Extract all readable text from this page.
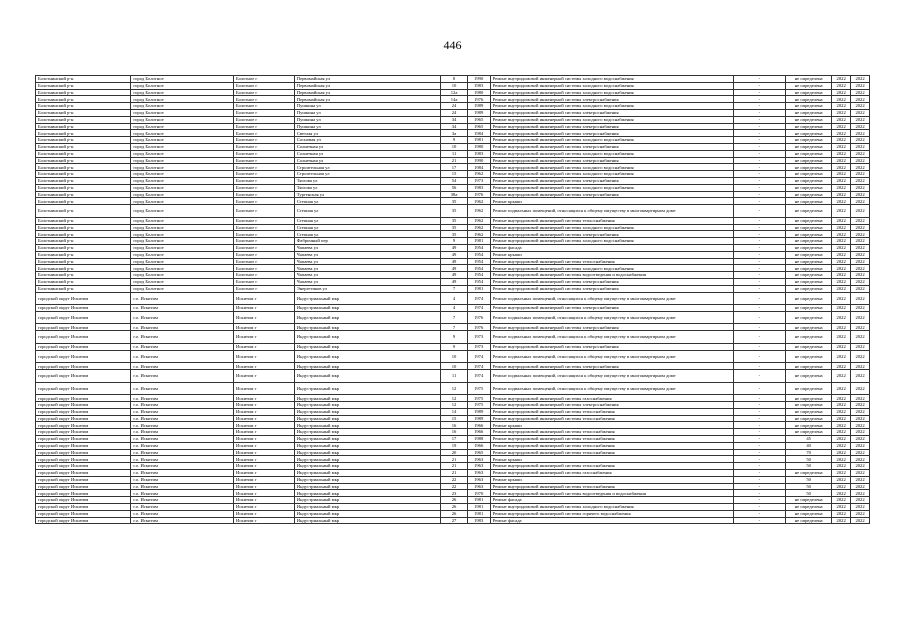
446
Болотнинский р-н	город Болотное	Болотное г	Первомайская ул	8	1990	Ремонт внутридомовой инженерной системы холодного водоснабжения	-	не определена	2022	2022
Болотнинский р-н	город Болотное	Болотное г	Первомайская ул	10	1983	Ремонт внутридомовой инженерной системы холодного водоснабжения	-	не определена	2022	2022
Болотнинский р-н	город Болотное	Болотное г	Первомайская ул	12а	1980	Ремонт внутридомовой инженерной системы холодного водоснабжения	-	не определена	2022	2022
Болотнинский р-н	город Болотное	Болотное г	Первомайская ул	14а	1976	Ремонт внутридомовой инженерной системы электроснабжения	-	не определена	2022	2022
Болотнинский р-н	город Болотное	Болотное г	Пушкина ул	24	1989	Ремонт внутридомовой инженерной системы холодного водоснабжения	-	не определена	2022	2022
Болотнинский р-н	город Болотное	Болотное г	Пушкина ул	24	1989	Ремонт внутридомовой инженерной системы электроснабжения	-	не определена	2022	2022
Болотнинский р-н	город Болотное	Болотное г	Пушкина ул	34	1965	Ремонт внутридомовой инженерной системы холодного водоснабжения	-	не определена	2022	2022
Болотнинский р-н	город Болотное	Болотное г	Пушкина ул	34	1965	Ремонт внутридомовой инженерной системы электроснабжения	-	не определена	2022	2022
Болотнинский р-н	город Болотное	Болотное г	Светлая ул	3а	1984	Ремонт внутридомовой инженерной системы электроснабжения	-	не определена	2022	2022
Болотнинский р-н	город Болотное	Болотное г	Сосновая ул	9	1981	Ремонт внутридомовой инженерной системы холодного водоснабжения	-	не определена	2022	2022
Болотнинский р-н	город Болотное	Болотное г	Солнечная ул	10	1980	Ремонт внутридомовой инженерной системы электроснабжения	-	не определена	2022	2022
Болотнинский р-н	город Болотное	Болотное г	Солнечная ул	11	1983	Ремонт внутридомовой инженерной системы холодного водоснабжения	-	не определена	2022	2022
Болотнинский р-н	город Болотное	Болотное г	Солнечная ул	21	1990	Ремонт внутридомовой инженерной системы электроснабжения	-	не определена	2022	2022
Болотнинский р-н	город Болотное	Болотное г	Строительная ул	17	1984	Ремонт внутридомовой инженерной системы холодного водоснабжения	-	не определена	2022	2022
Болотнинский р-н	город Болотное	Болотное г	Строительная ул	15	1962	Ремонт внутридомовой инженерной системы холодного водоснабжения	-	не определена	2022	2022
Болотнинский р-н	город Болотное	Болотное г	Тяглова ул	54	1973	Ремонт внутридомовой инженерной системы электроснабжения	-	не определена	2022	2022
Болотнинский р-н	город Болотное	Болотное г	Тяглова ул	56	1983	Ремонт внутридомовой инженерной системы холодного водоснабжения	-	не определена	2022	2022
Болотнинский р-н	город Болотное	Болотное г	Тургенская ул	38а	1976	Ремонт внутридомовой инженерной системы электроснабжения	-	не определена	2022	2022
Болотнинский р-н	город Болотное	Болотное г	Степная ул	35	1962	Ремонт крыши	-	не определена	2022	2022
Болотнинский р-н	город Болотное	Болотное г	Степная ул	35	1962	Ремонт подвальных помещений, относящихся к общему имуществу в многоквартирном доме	-	не определена	2022	2022
Болотнинский р-н	город Болотное	Болотное г	Степная ул	35	1962	Ремонт внутридомовой инженерной системы теплоснабжения	-	не определена	2022	2022
Болотнинский р-н	город Болотное	Болотное г	Степная ул	35	1962	Ремонт внутридомовой инженерной системы холодного водоснабжения	-	не определена	2022	2022
Болотнинский р-н	город Болотное	Болотное г	Степная ул	35	1962	Ремонт внутридомовой инженерной системы электроснабжения	-	не определена	2022	2022
Болотнинский р-н	город Болотное	Болотное г	Фабричный пер	9	1981	Ремонт внутридомовой инженерной системы холодного водоснабжения	-	не определена	2022	2022
Болотнинский р-н	город Болотное	Болотное г	Чапаева ул	49	1954	Ремонт фасада	-	не определена	2022	2022
Болотнинский р-н	город Болотное	Болотное г	Чапаева ул	49	1954	Ремонт крыши	-	не определена	2022	2022
Болотнинский р-н	город Болотное	Болотное г	Чапаева ул	49	1954	Ремонт внутридомовой инженерной системы теплоснабжения	-	не определена	2022	2022
Болотнинский р-н	город Болотное	Болотное г	Чапаева ул	49	1954	Ремонт внутридомовой инженерной системы холодного водоснабжения	-	не определена	2022	2022
Болотнинский р-н	город Болотное	Болотное г	Чапаева ул	49	1954	Ремонт внутридомовой инженерной системы водоотведения и водоснабжения	-	не определена	2022	2022
Болотнинский р-н	город Болотное	Болотное г	Чапаева ул	49	1954	Ремонт внутридомовой инженерной системы электроснабжения	-	не определена	2022	2022
Болотнинский р-н	город Болотное	Болотное г	Энергетиков ул	7	1981	Ремонт внутридомовой инженерной системы электроснабжения	-	не определена	2022	2022
городской округ Искитим	г.о. Искитим	Искитим г	Индустриальный мкр	4	1974	Ремонт подвальных помещений, относящихся к общему имуществу в многоквартирном доме	-	не определена	2022	2022
городской округ Искитим	г.о. Искитим	Искитим г	Индустриальный мкр	4	1974	Ремонт внутридомовой инженерной системы электроснабжения	-	не определена	2022	2022
городской округ Искитим	г.о. Искитим	Искитим г	Индустриальный мкр	7	1976	Ремонт подвальных помещений, относящихся к общему имуществу в многоквартирном доме	-	не определена	2022	2022
городской округ Искитим	г.о. Искитим	Искитим г	Индустриальный мкр	7	1976	Ремонт внутридомовой инженерной системы электроснабжения	-	не определена	2022	2022
городской округ Искитим	г.о. Искитим	Искитим г	Индустриальный мкр	9	1973	Ремонт подвальных помещений, относящихся к общему имуществу в многоквартирном доме	-	не определена	2022	2022
городской округ Искитим	г.о. Искитим	Искитим г	Индустриальный мкр	9	1973	Ремонт внутридомовой инженерной системы электроснабжения	-	не определена	2022	2022
городской округ Искитим	г.о. Искитим	Искитим г	Индустриальный мкр	10	1974	Ремонт подвальных помещений, относящихся к общему имуществу в многоквартирном доме	-	не определена	2022	2022
городской округ Искитим	г.о. Искитим	Искитим г	Индустриальный мкр	10	1974	Ремонт внутридомовой инженерной системы электроснабжения	-	не определена	2022	2022
городской округ Искитим	г.о. Искитим	Искитим г	Индустриальный мкр	11	1974	Ремонт подвальных помещений, относящихся к общему имуществу в многоквартирном доме	-	не определена	2022	2022
городской округ Искитим	г.о. Искитим	Искитим г	Индустриальный мкр	12	1975	Ремонт подвальных помещений, относящихся к общему имуществу в многоквартирном доме	-	не определена	2022	2022
городской округ Искитим	г.о. Искитим	Искитим г	Индустриальный мкр	12	1975	Ремонт внутридомовой инженерной системы газоснабжения	-	не определена	2022	2022
городской округ Искитим	г.о. Искитим	Искитим г	Индустриальный мкр	12	1975	Ремонт внутридомовой инженерной системы электроснабжения	-	не определена	2022	2022
городской округ Искитим	г.о. Искитим	Искитим г	Индустриальный мкр	14	1989	Ремонт внутридомовой инженерной системы теплоснабжения	-	не определена	2022	2022
городской округ Искитим	г.о. Искитим	Искитим г	Индустриальный мкр	15	1989	Ремонт внутридомовой инженерной системы теплоснабжения	-	не определена	2022	2022
городской округ Искитим	г.о. Искитим	Искитим г	Индустриальный мкр	16	1966	Ремонт крыши	-	не определена	2022	2022
городской округ Искитим	г.о. Искитим	Искитим г	Индустриальный мкр	16	1966	Ремонт внутридомовой инженерной системы теплоснабжения	-	не определена	2022	2022
городской округ Искитим	г.о. Искитим	Искитим г	Индустриальный мкр	17	1988	Ремонт внутридомовой инженерной системы теплоснабжения	-	45	2022	2022
городской округ Искитим	г.о. Искитим	Искитим г	Индустриальный мкр	19	1966	Ремонт внутридомовой инженерной системы теплоснабжения	-	40	2022	2022
городской округ Искитим	г.о. Искитим	Искитим г	Индустриальный мкр	20	1965	Ремонт внутридомовой инженерной системы теплоснабжения	-	70	2022	2022
городской округ Искитим	г.о. Искитим	Искитим г	Индустриальный мкр	21	1963	Ремонт крыши	-	50	2022	2022
городской округ Искитим	г.о. Искитим	Искитим г	Индустриальный мкр	21	1963	Ремонт внутридомовой инженерной системы теплоснабжения	-	50	2022	2022
городской округ Искитим	г.о. Искитим	Искитим г	Индустриальный мкр	21	1963	Ремонт внутридомовой инженерной системы газоснабжения	-	не определена	2022	2022
городской округ Искитим	г.о. Искитим	Искитим г	Индустриальный мкр	22	1963	Ремонт крыши	-	50	2022	2022
городской округ Искитим	г.о. Искитим	Искитим г	Индустриальный мкр	22	1963	Ремонт внутридомовой инженерной системы теплоснабжения	-	50	2022	2022
городской округ Искитим	г.о. Искитим	Искитим г	Индустриальный мкр	23	1970	Ремонт внутридомовой инженерной системы водоотведения и водоснабжения	-	50	2022	2022
городской округ Искитим	г.о. Искитим	Искитим г	Индустриальный мкр	26	1981	Ремонт фасада	-	не определена	2022	2022
городской округ Искитим	г.о. Искитим	Искитим г	Индустриальный мкр	26	1981	Ремонт внутридомовой инженерной системы холодного водоснабжения	-	не определена	2022	2022
городской округ Искитим	г.о. Искитим	Искитим г	Индустриальный мкр	26	1981	Ремонт внутридомовой инженерной системы горячего водоснабжения	-	не определена	2022	2022
городской округ Искитим	г.о. Искитим	Искитим г	Индустриальный мкр	27	1983	Ремонт фасада	-	не определена	2022	2022
